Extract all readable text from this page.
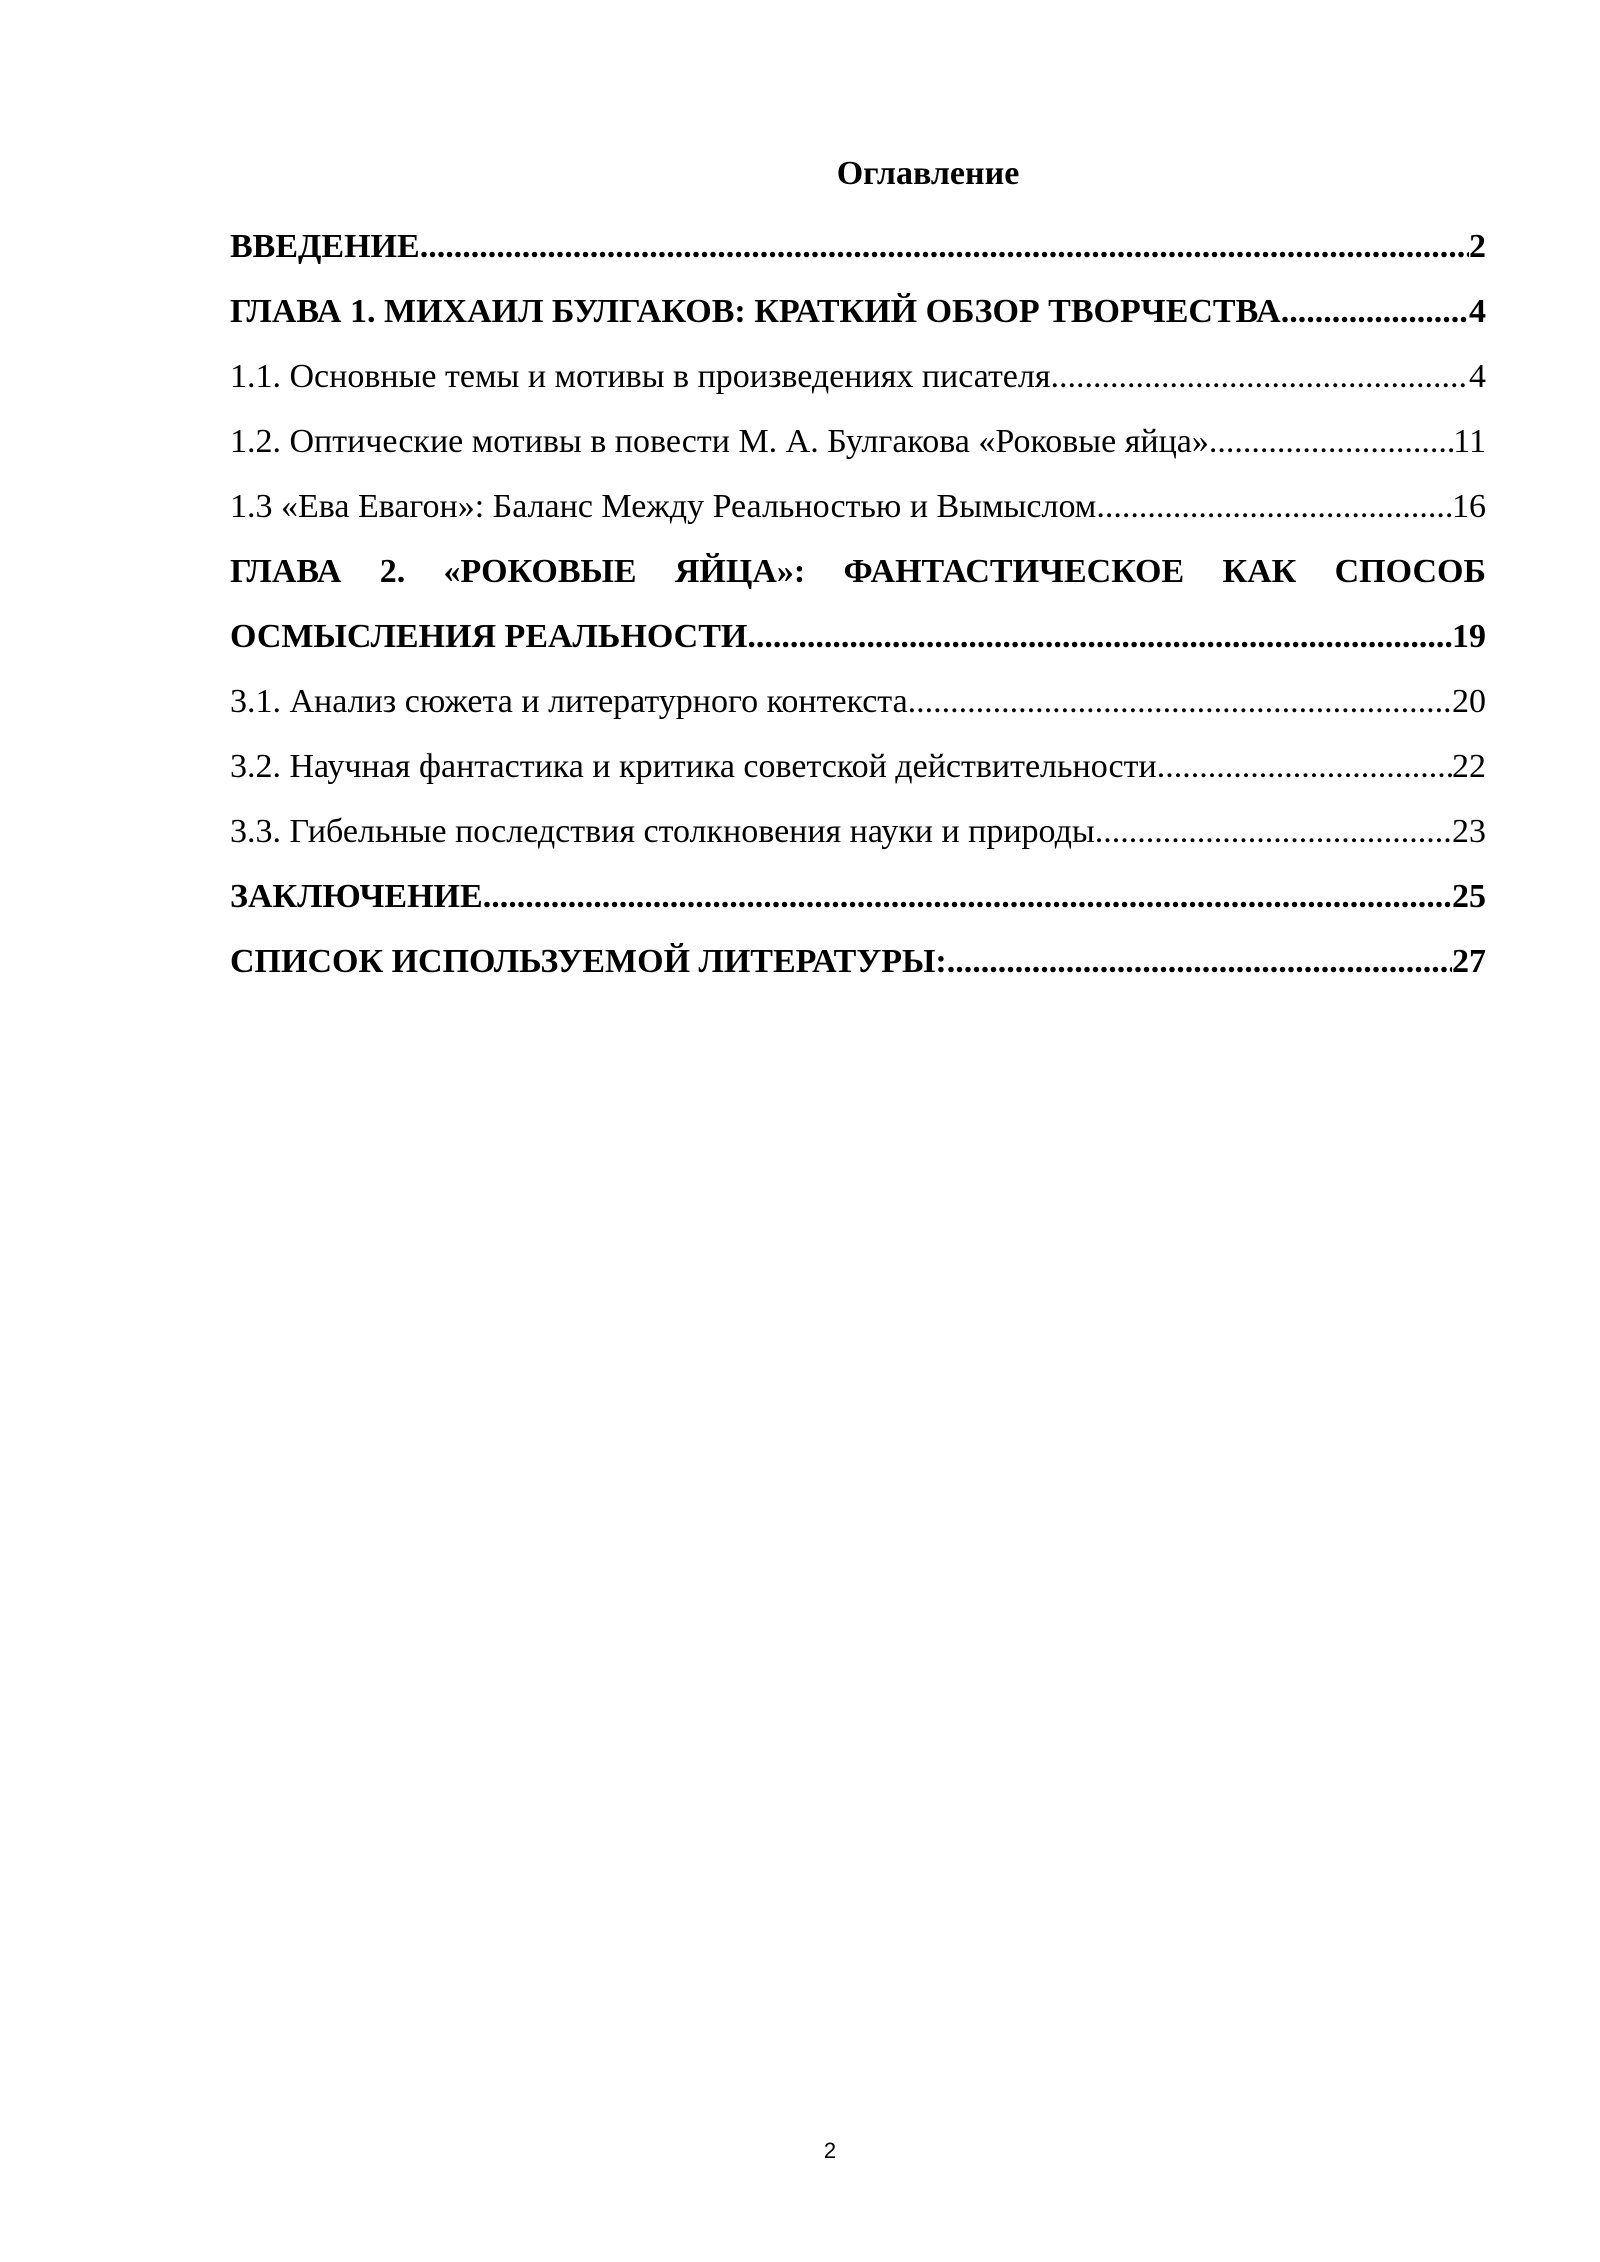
Оглавление
ВВЕДЕНИЕ .....	2
ГЛАВА 1. МИХАИЛ БУЛГАКОВ: КРАТКИЙ ОБЗОР ТВОРЧЕСТВА .....	4
1.1. Основные темы и мотивы в произведениях писателя .....	4
1.2. Оптические мотивы в повести М. А. Булгакова «Роковые яйца» .....	11
1.3 «Ева Евагон»: Баланс Между Реальностью и Вымыслом .....	16
ГЛАВА 2. «РОКОВЫЕ ЯЙЦА»: ФАНТАСТИЧЕСКОЕ КАК СПОСОБ
ОСМЫСЛЕНИЯ РЕАЛЬНОСТИ .....	19
3.1. Анализ сюжета и литературного контекста .....	20
3.2. Научная фантастика и критика советской действительности .....	22
3.3. Гибельные последствия столкновения науки и природы .....	23
ЗАКЛЮЧЕНИЕ .....	25
СПИСОК ИСПОЛЬЗУЕМОЙ ЛИТЕРАТУРЫ: .....	27
2
